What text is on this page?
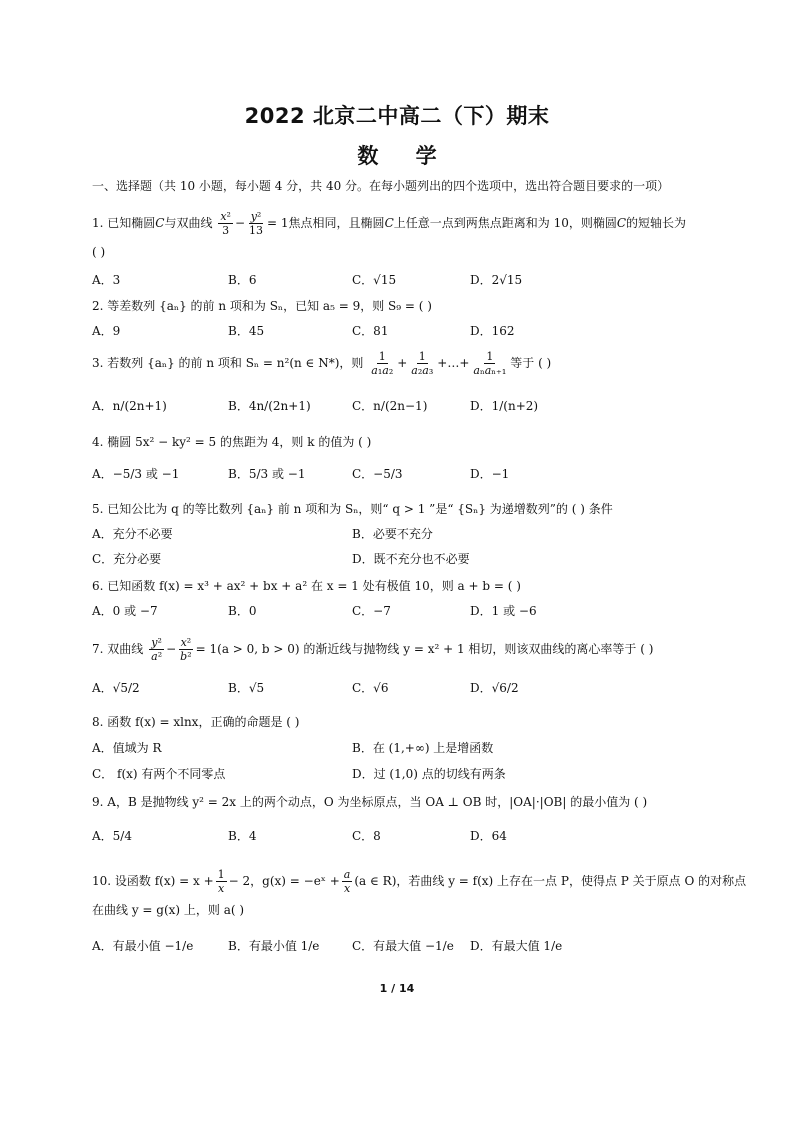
2022 北京二中高二（下）期末
数 学
一、选择题（共 10 小题，每小题 4 分，共 40 分。在每小题列出的四个选项中，选出符合题目要求的一项）
1. 已知椭圆C与双曲线 $\frac{\text{x²}}{3} - \frac{\text{y²}}{13} = 1$焦点相同，且椭圆C上任意一点到两焦点距离和为 10，则椭圆C的短轴长为
( )
A．3	B．6	C．√15	D．2√15
2. 等差数列 {aₙ} 的前 n 项和为 Sₙ，已知 a₅ = 9，则 S₉ = ( )
A．9	B．45	C．81	D．162
3. 若数列 {aₙ} 的前 n 项和 Sₙ = n²(n ∈ N*)，则 $\frac{1}{\text{a₁a₂}} + \frac{1}{\text{a₂a₃}}$ +…+ $\frac{1}{\text{aₙaₙ₊₁}}$ 等于 ( )
A．n/(2n+1)	B．4n/(2n+1)	C．n/(2n−1)	D．1/(n+2)
4. 椭圆 5x² − ky² = 5 的焦距为 4，则 k 的值为 ( )
A．−5/3 或 −1	B．5/3 或 −1	C．−5/3	D．−1
5. 已知公比为 q 的等比数列 {aₙ} 前 n 项和为 Sₙ，则“ q > 1 ”是“ {Sₙ} 为递增数列”的 ( ) 条件
A．充分不必要	B．必要不充分
C．充分必要	D．既不充分也不必要
6. 已知函数 f(x) = x³ + ax² + bx + a² 在 x = 1 处有极值 10，则 a + b = ( )
A．0 或 −7	B．0	C．−7	D．1 或 −6
7. 双曲线 $\frac{\text{y²}}{\text{a²}} - \frac{\text{x²}}{\text{b²}} = 1(a > 0$, b > 0) 的渐近线与抛物线 y = x² + 1 相切，则该双曲线的离心率等于 ( )
A．√5/2	B．√5	C．√6	D．√6/2
8. 函数 f(x) = xlnx，正确的命题是 ( )
A．值域为 R	B．在 (1,+∞) 上是增函数
C． f(x) 有两个不同零点	D．过 (1,0) 点的切线有两条
9. A，B 是抛物线 y² = 2x 上的两个动点，O 为坐标原点，当 OA ⊥ OB 时，|OA|·|OB| 的最小值为 ( )
A．5/4	B．4	C．8	D．64
10. 设函数 $f(x) = x + \frac{1}{x} - 2$，g(x) = −eˣ + $\frac{a}{x} (a$ ∈ R)，若曲线 y = f(x) 上存在一点 P，使得点 P 关于原点 O 的对称点
在曲线 y = g(x) 上，则 a( )
A．有最小值 −1/e	B．有最小值 1/e	C．有最大值 −1/e D．有最大值 1/e
1 / 14
